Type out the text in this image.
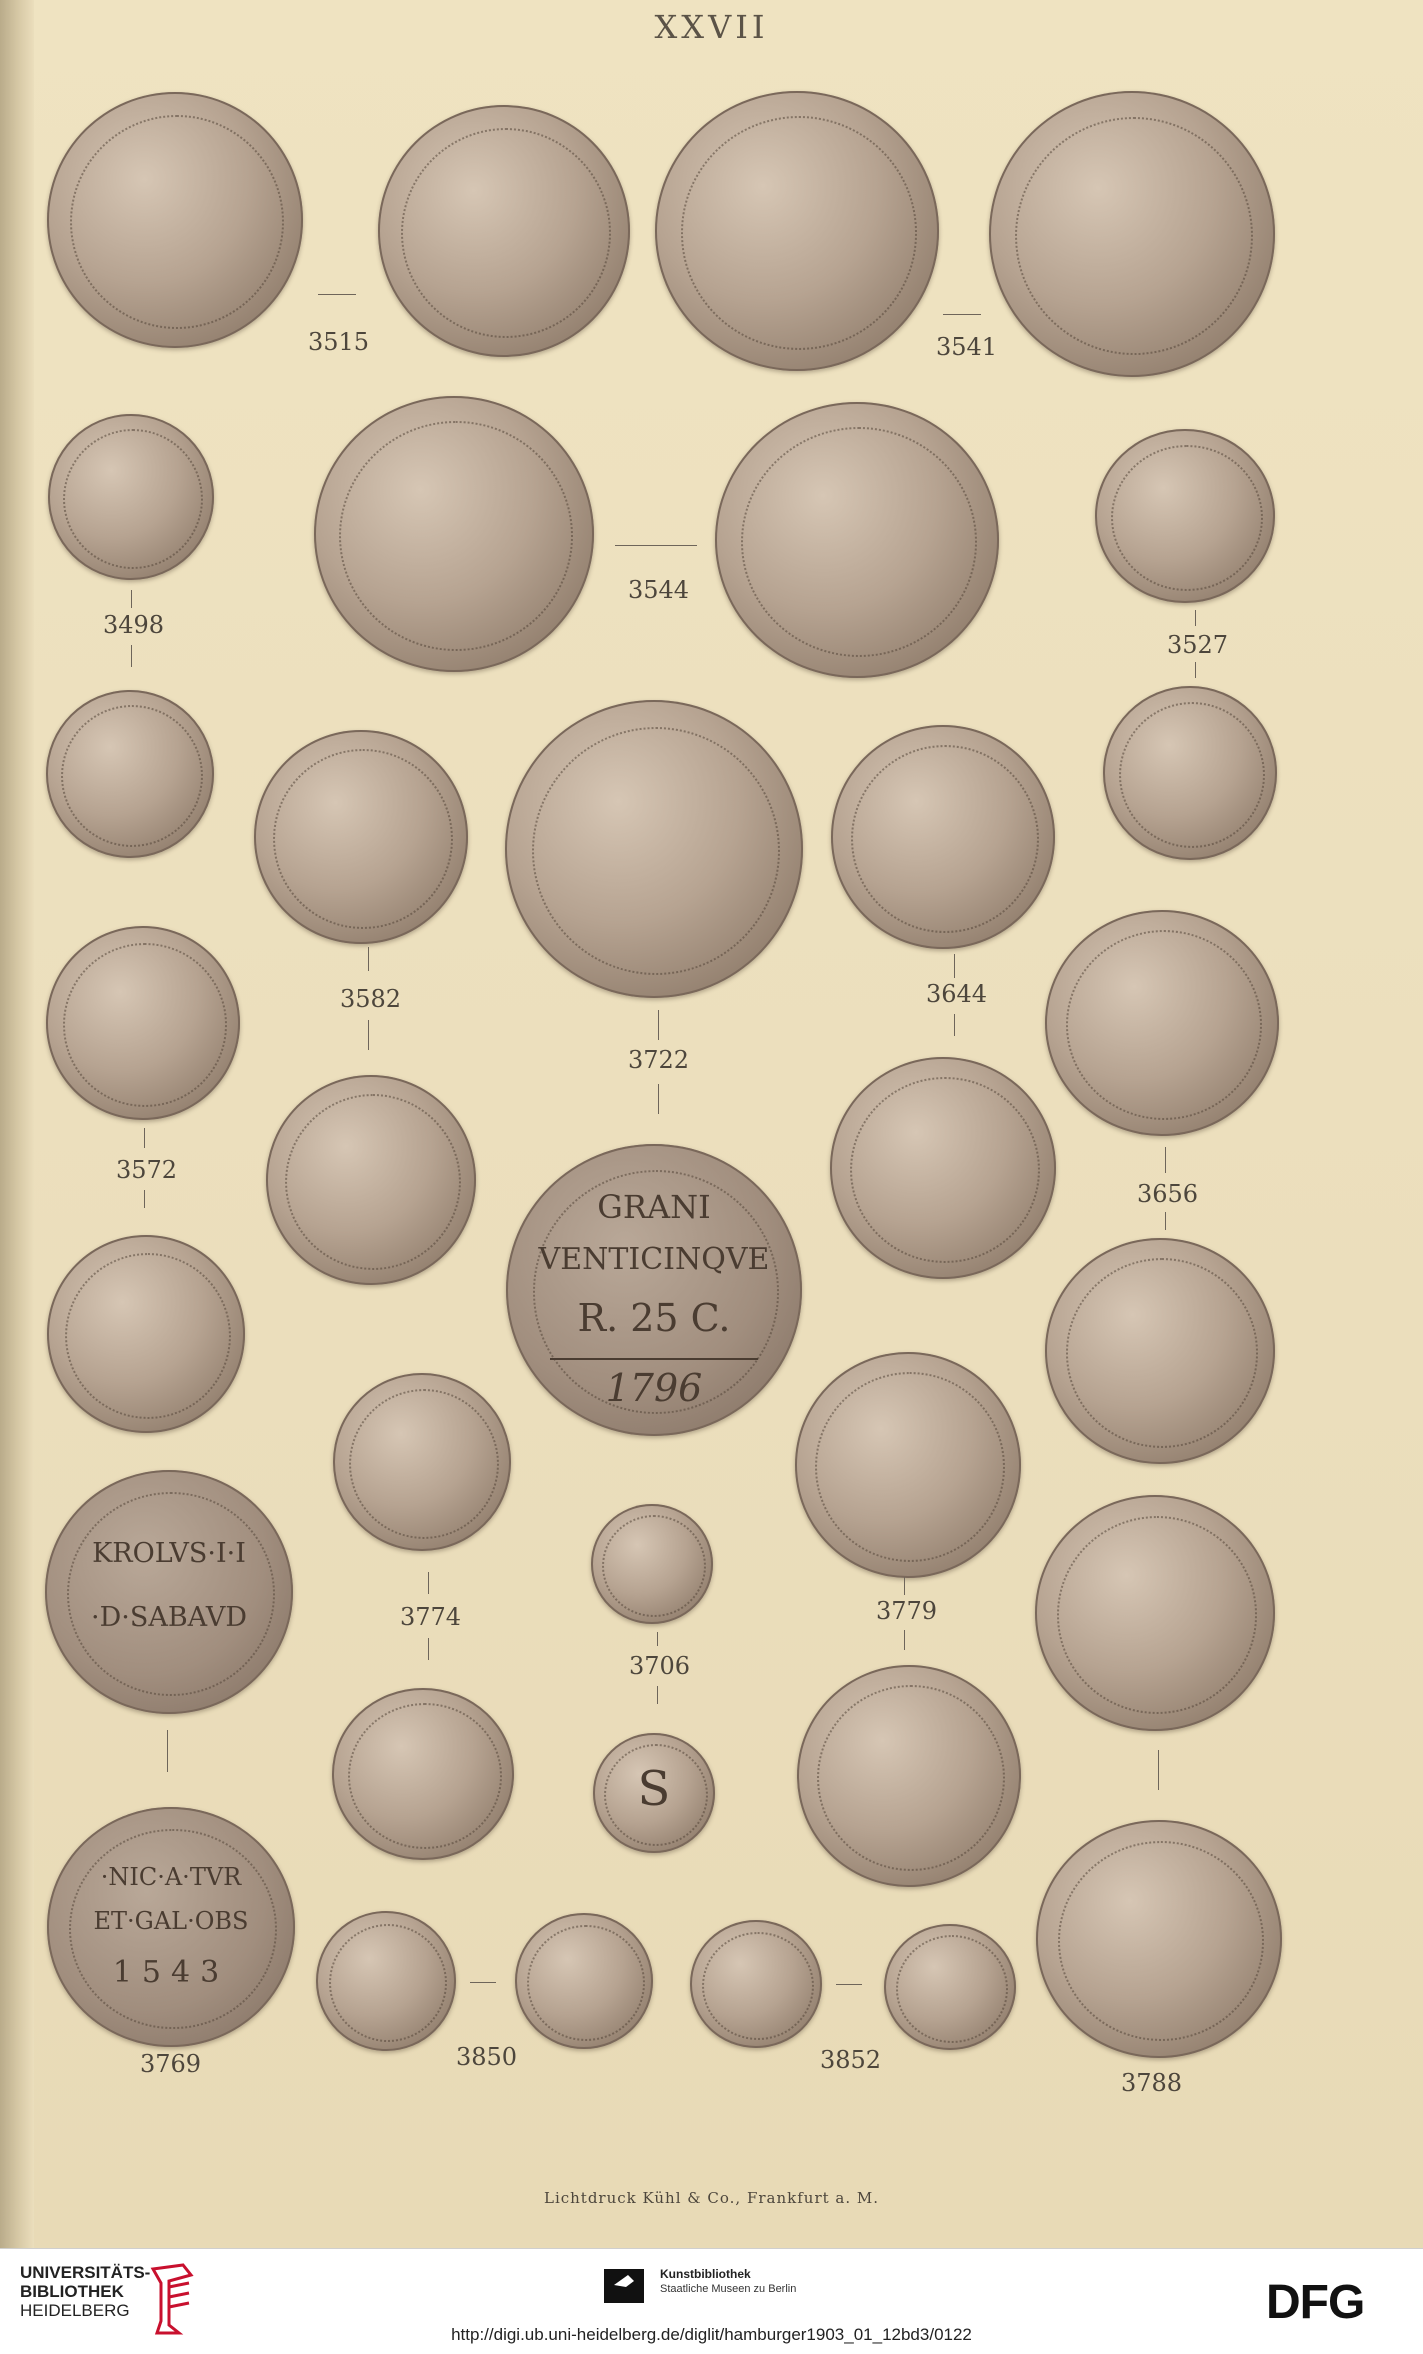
XXVII
3515	3541
3498
3544
3527
3582
3722
3644
3572
3656
GRANI
VENTICINQVE
R. 25 C.
1796
3774	3779
KROLVS·I·I
·D·SABAVD
3706
S
·NIC·A·TVR
ET·GAL·OBS
1543
3769	3850	3852
3788
Lichtdruck Kühl & Co., Frankfurt a. M.
UNIVERSITÄTS-
BIBLIOTHEK
HEIDELBERG
Kunstbibliothek
Staatliche Museen zu Berlin	DFG
http://digi.ub.uni-heidelberg.de/diglit/hamburger1903_01_12bd3/0122
